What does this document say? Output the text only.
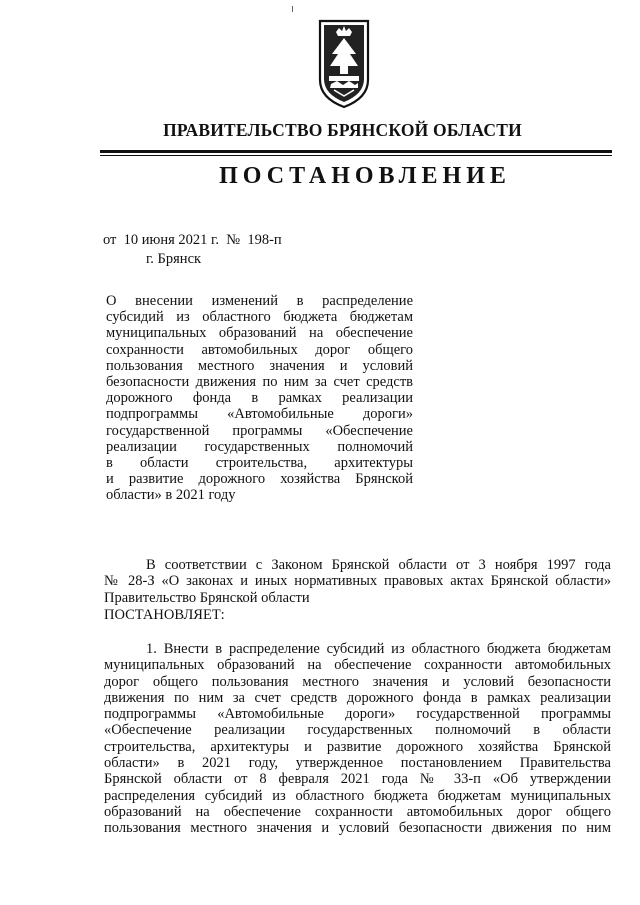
ПРАВИТЕЛЬСТВО БРЯНСКОЙ ОБЛАСТИ
ПОСТАНОВЛЕНИЕ
от  10 июня 2021 г.  №  198-п
г. Брянск
О внесении изменений в распределение
субсидий из областного бюджета бюджетам
муниципальных образований на обеспечение
сохранности автомобильных дорог общего
пользования местного значения и условий
безопасности движения по ним за счет средств
дорожного фонда в рамках реализации
подпрограммы «Автомобильные дороги»
государственной программы «Обеспечение
реализации государственных полномочий
в области строительства, архитектуры
и развитие дорожного хозяйства Брянской
области» в 2021 году
В соответствии с Законом Брянской области от 3 ноября 1997 года
№ 28-З «О законах и иных нормативных правовых актах Брянской области»
Правительство Брянской области
ПОСТАНОВЛЯЕТ:
1. Внести в распределение субсидий из областного бюджета бюджетам
муниципальных образований на обеспечение сохранности автомобильных
дорог общего пользования местного значения и условий безопасности
движения по ним за счет средств дорожного фонда в рамках реализации
подпрограммы «Автомобильные дороги» государственной программы
«Обеспечение реализации государственных полномочий в области
строительства, архитектуры и развитие дорожного хозяйства Брянской
области» в 2021 году, утвержденное постановлением Правительства
Брянской области от 8 февраля 2021 года № 33-п «Об утверждении
распределения субсидий из областного бюджета бюджетам муниципальных
образований на обеспечение сохранности автомобильных дорог общего
пользования местного значения и условий безопасности движения по ним
